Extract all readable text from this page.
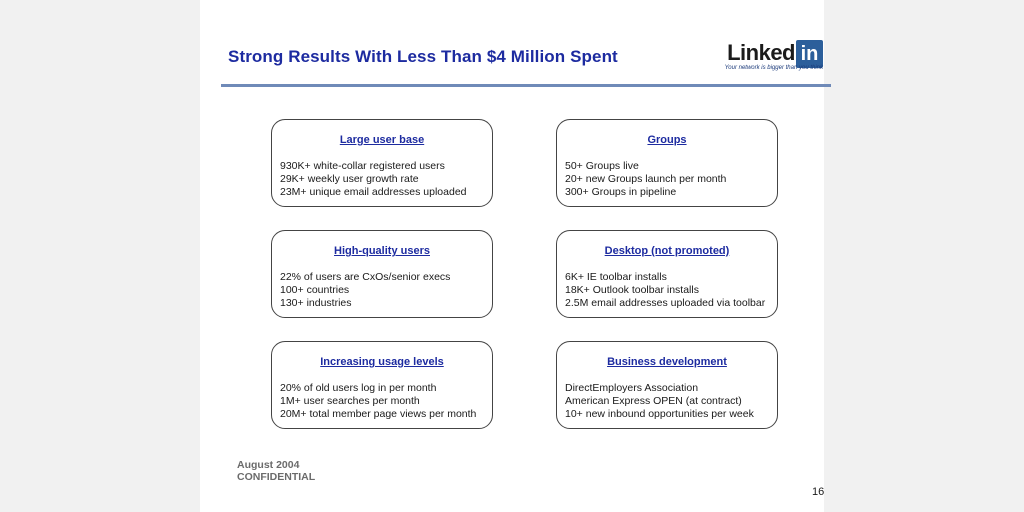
Strong Results With Less Than $4 Million Spent	Linked in
Your network is bigger than you think
Large user base
930K+ white-collar registered users
29K+ weekly user growth rate
23M+ unique email addresses uploaded
Groups
50+ Groups live
20+ new Groups launch per month
300+ Groups in pipeline
High-quality users
22% of users are CxOs/senior execs
100+ countries
130+ industries
Desktop (not promoted)
6K+ IE toolbar installs
18K+ Outlook toolbar installs
2.5M email addresses uploaded via toolbar
Increasing usage levels
20% of old users log in per month
1M+ user searches per month
20M+ total member page views per month
Business development
DirectEmployers Association
American Express OPEN (at contract)
10+ new inbound opportunities per week
August 2004
CONFIDENTIAL
16
